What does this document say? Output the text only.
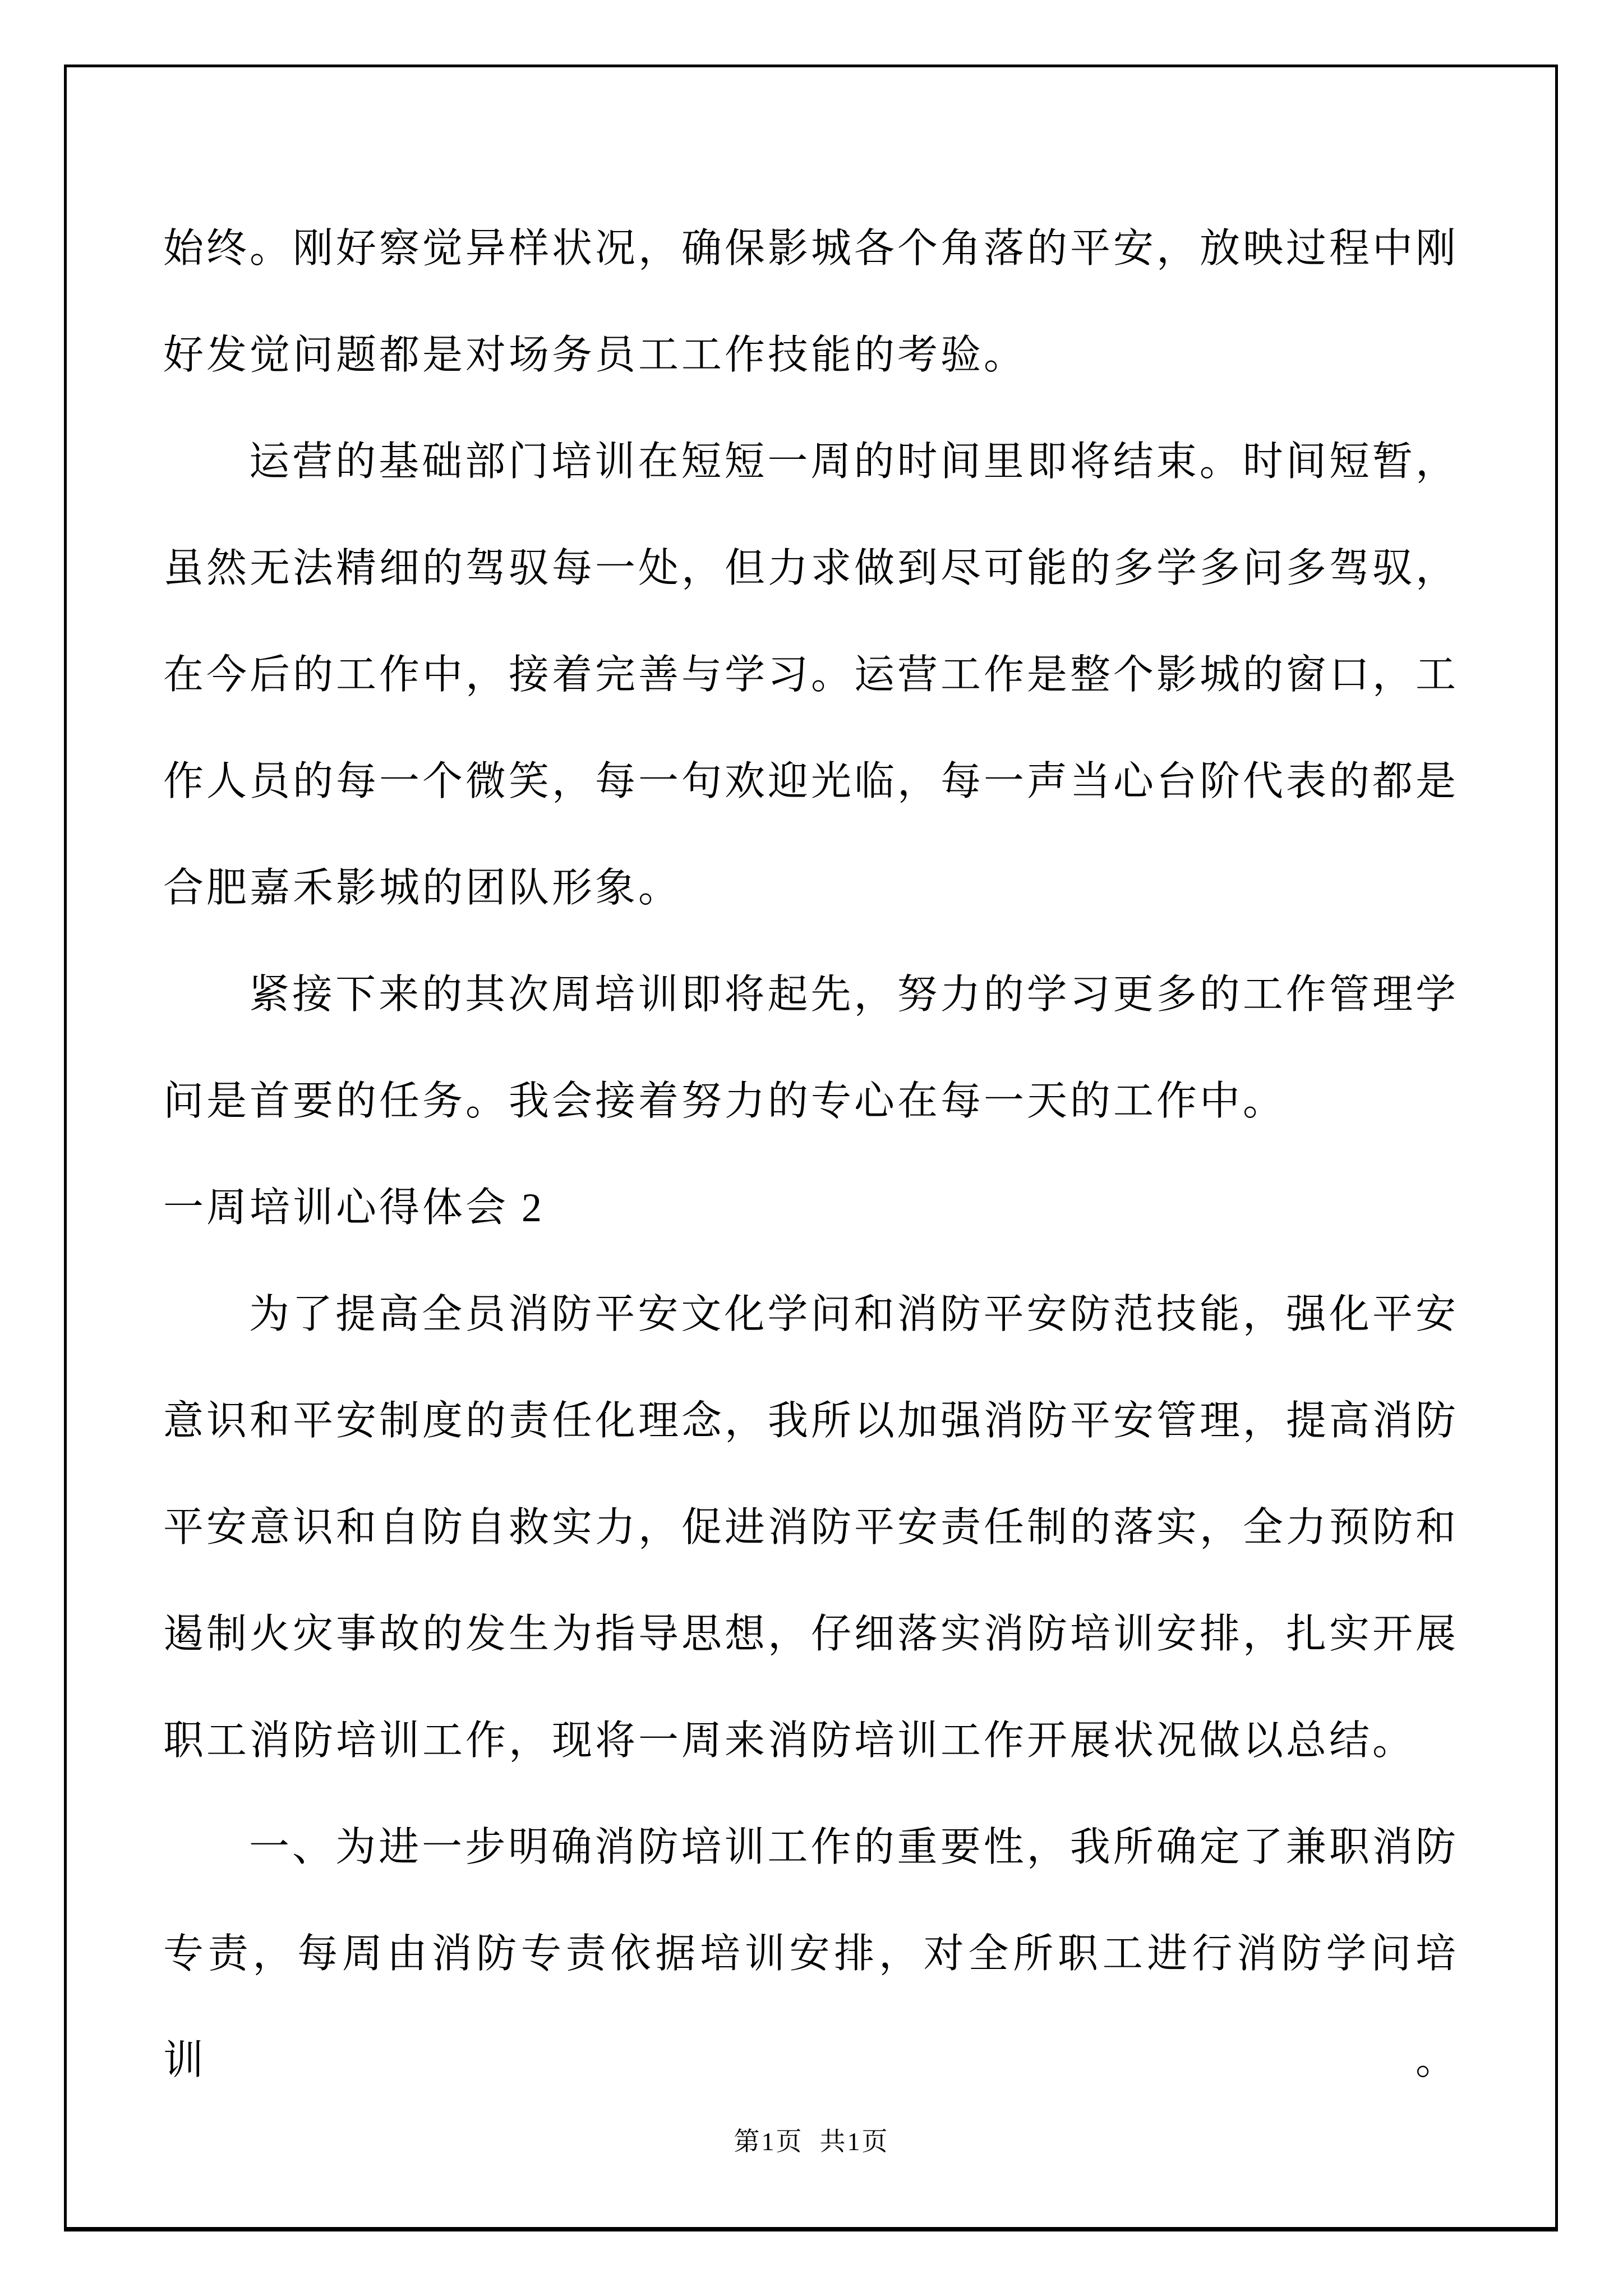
始终。刚好察觉异样状况，确保影城各个角落的平安，放映过程中刚
好发觉问题都是对场务员工工作技能的考验。
运营的基础部门培训在短短一周的时间里即将结束。时间短暂，
虽然无法精细的驾驭每一处，但力求做到尽可能的多学多问多驾驭，
在今后的工作中，接着完善与学习。运营工作是整个影城的窗口，工
作人员的每一个微笑，每一句欢迎光临，每一声当心台阶代表的都是
合肥嘉禾影城的团队形象。
紧接下来的其次周培训即将起先，努力的学习更多的工作管理学
问是首要的任务。我会接着努力的专心在每一天的工作中。
一周培训心得体会 2
为了提高全员消防平安文化学问和消防平安防范技能，强化平安
意识和平安制度的责任化理念，我所以加强消防平安管理，提高消防
平安意识和自防自救实力，促进消防平安责任制的落实，全力预防和
遏制火灾事故的发生为指导思想，仔细落实消防培训安排，扎实开展
职工消防培训工作，现将一周来消防培训工作开展状况做以总结。
一、为进一步明确消防培训工作的重要性，我所确定了兼职消防
专责，每周由消防专责依据培训安排，对全所职工进行消防学问培训。
第1页  共1页
